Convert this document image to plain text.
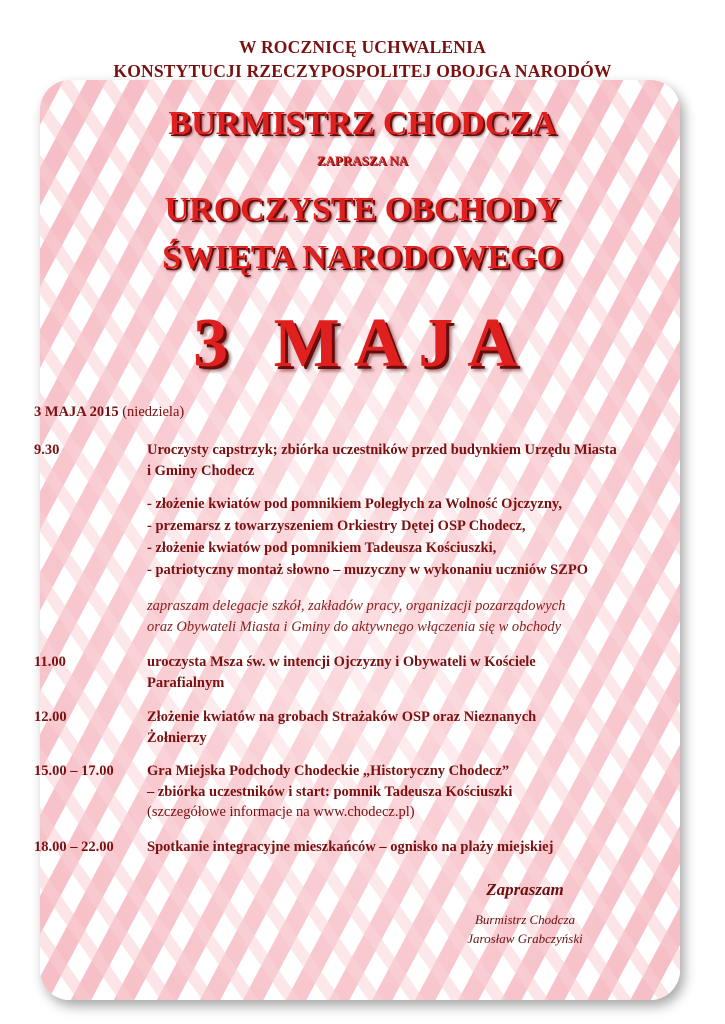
W ROCZNICĘ UCHWALENIA
KONSTYTUCJI RZECZYPOSPOLITEJ OBOJGA NARODÓW
BURMISTRZ CHODCZA
ZAPRASZA NA
UROCZYSTE OBCHODY
ŚWIĘTA NARODOWEGO
3 MAJA
3 MAJA 2015 (niedziela)
9.30	Uroczysty capstrzyk; zbiórka uczestników przed budynkiem Urzędu Miasta
i Gminy Chodecz
- złożenie kwiatów pod pomnikiem Poległych za Wolność Ojczyzny,
- przemarsz z towarzyszeniem Orkiestry Dętej OSP Chodecz,
- złożenie kwiatów pod pomnikiem Tadeusza Kościuszki,
- patriotyczny montaż słowno – muzyczny w wykonaniu uczniów SZPO
zapraszam delegacje szkół, zakładów pracy, organizacji pozarządowych
oraz Obywateli Miasta i Gminy do aktywnego włączenia się w obchody
11.00	uroczysta Msza św. w intencji Ojczyzny i Obywateli w Kościele
Parafialnym
12.00	Złożenie kwiatów na grobach Strażaków OSP oraz Nieznanych
Żołnierzy
15.00 – 17.00 Gra Miejska Podchody Chodeckie „Historyczny Chodecz”
– zbiórka uczestników i start: pomnik Tadeusza Kościuszki
(szczegółowe informacje na www.chodecz.pl)
18.00 – 22.00 Spotkanie integracyjne mieszkańców – ognisko na plaży miejskiej
Zapraszam
Burmistrz Chodcza
Jarosław Grabczyński
